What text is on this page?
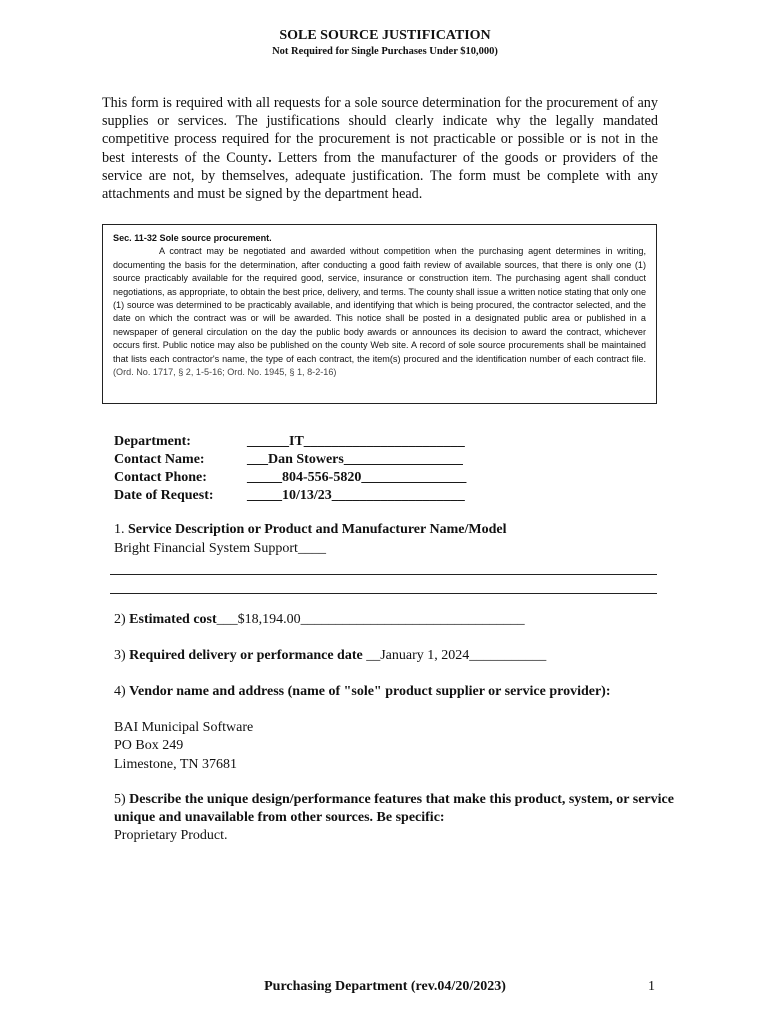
SOLE SOURCE JUSTIFICATION
Not Required for Single Purchases Under $10,000)
This form is required with all requests for a sole source determination for the procurement of any supplies or services. The justifications should clearly indicate why the legally mandated competitive process required for the procurement is not practicable or possible or is not in the best interests of the County. Letters from the manufacturer of the goods or providers of the service are not, by themselves, adequate justification. The form must be complete with any attachments and must be signed by the department head.
Sec. 11-32 Sole source procurement.
A contract may be negotiated and awarded without competition when the purchasing agent determines in writing, documenting the basis for the determination, after conducting a good faith review of available sources, that there is only one (1) source practicably available for the required good, service, insurance or construction item. The purchasing agent shall conduct negotiations, as appropriate, to obtain the best price, delivery, and terms. The county shall issue a written notice stating that only one (1) source was determined to be practicably available, and identifying that which is being procured, the contractor selected, and the date on which the contract was or will be awarded. This notice shall be posted in a designated public area or published in a newspaper of general circulation on the day the public body awards or announces its decision to award the contract, whichever occurs first. Public notice may also be published on the county Web site. A record of sole source procurements shall be maintained that lists each contractor's name, the type of each contract, the item(s) procured and the identification number of each contract file. (Ord. No. 1717, § 2, 1-5-16; Ord. No. 1945, § 1, 8-2-16)
Department:	______IT_______________________
Contact Name:	___Dan Stowers_________________
Contact Phone:	_____804-556-5820_______________
Date of Request:	_____10/13/23___________________
1. Service Description or Product and Manufacturer Name/Model
Bright Financial System Support____
2) Estimated cost___$18,194.00________________________________
3) Required delivery or performance date __January 1, 2024___________
4) Vendor name and address (name of "sole" product supplier or service provider):
BAI Municipal Software
PO Box 249
Limestone, TN 37681
5) Describe the unique design/performance features that make this product, system, or service unique and unavailable from other sources. Be specific:
Proprietary Product.
Purchasing Department (rev.04/20/2023)	1
